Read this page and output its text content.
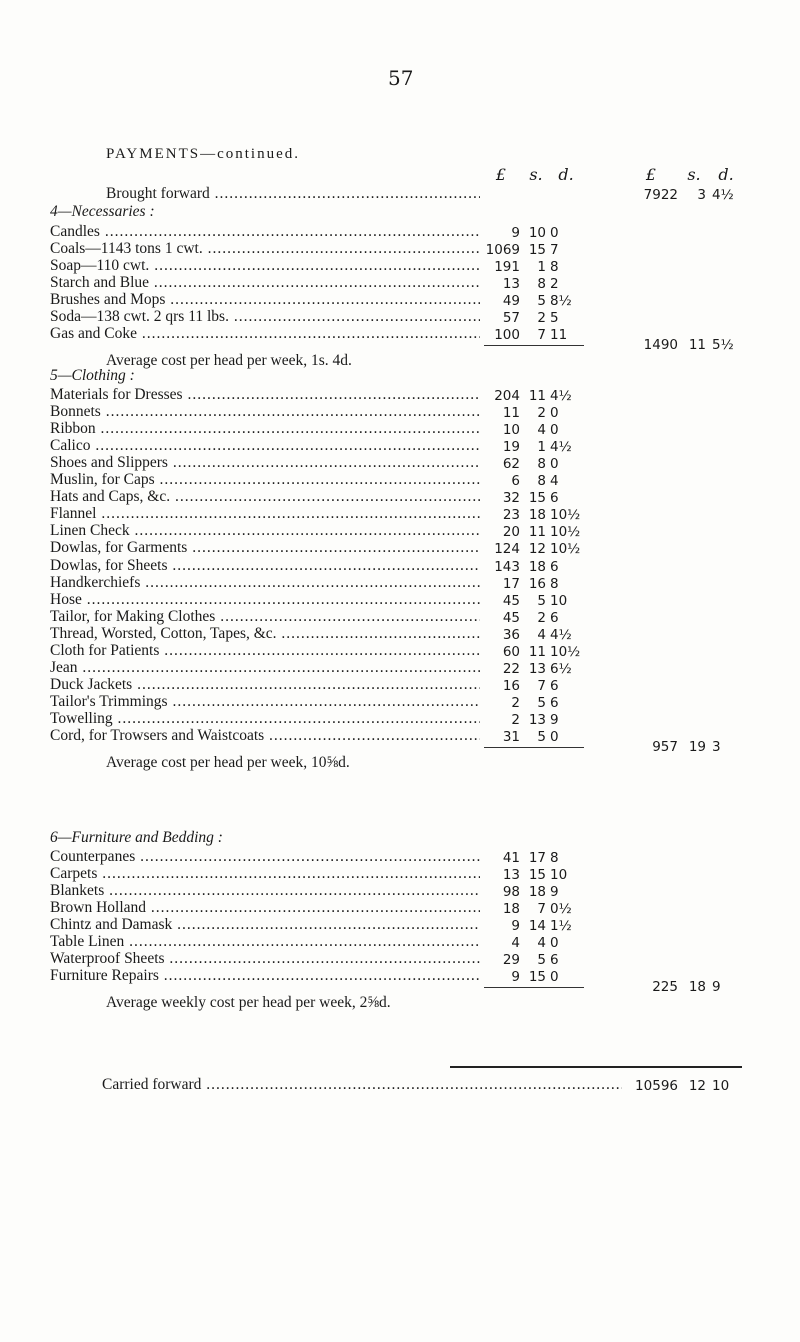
57
PAYMENTS—continued.
£	s. d.	£	s. d.
Brought forward .....	7922	3 4½
4—Necessaries :
Candles .....	9 10 0
Coals—1143 tons 1 cwt. .....	1069 15 7
Soap—110 cwt. .....	191	1 8
Starch and Blue .....	13	8 2
Brushes and Mops .....	49	5 8½
Soda—138 cwt. 2 qrs 11 lbs. .....	57	2 5
Gas and Coke .....	100	7 11
1490 11 5½
Average cost per head per week, 1s. 4d.
5—Clothing :
Materials for Dresses .....	204 11 4½
Bonnets .....	11	2 0
Ribbon .....	10	4 0
Calico .....	19	1 4½
Shoes and Slippers .....	62	8 0
Muslin, for Caps .....	6	8 4
Hats and Caps, &c. .....	32 15 6
Flannel .....	23 18 10½
Linen Check .....	20 11 10½
Dowlas, for Garments .....	124 12 10½
Dowlas, for Sheets .....	143 18 6
Handkerchiefs .....	17 16 8
Hose .....	45	5 10
Tailor, for Making Clothes .....	45	2 6
Thread, Worsted, Cotton, Tapes, &c. .....	36	4 4½
Cloth for Patients .....	60 11 10½
Jean .....	22 13 6½
Duck Jackets .....	16	7 6
Tailor's Trimmings .....	2	5 6
Towelling .....	2 13 9
Cord, for Trowsers and Waistcoats .....	31	5 0
957 19 3
Average cost per head per week, 10⅝d.
6—Furniture and Bedding :
Counterpanes .....	41 17 8
Carpets .....	13 15 10
Blankets .....	98 18 9
Brown Holland .....	18	7 0½
Chintz and Damask .....	9 14 1½
Table Linen .....	4	4 0
Waterproof Sheets .....	29	5 6
Furniture Repairs .....	9 15 0
225 18 9
Average weekly cost per head per week, 2⅝d.
Carried forward .....	10596 12 10
